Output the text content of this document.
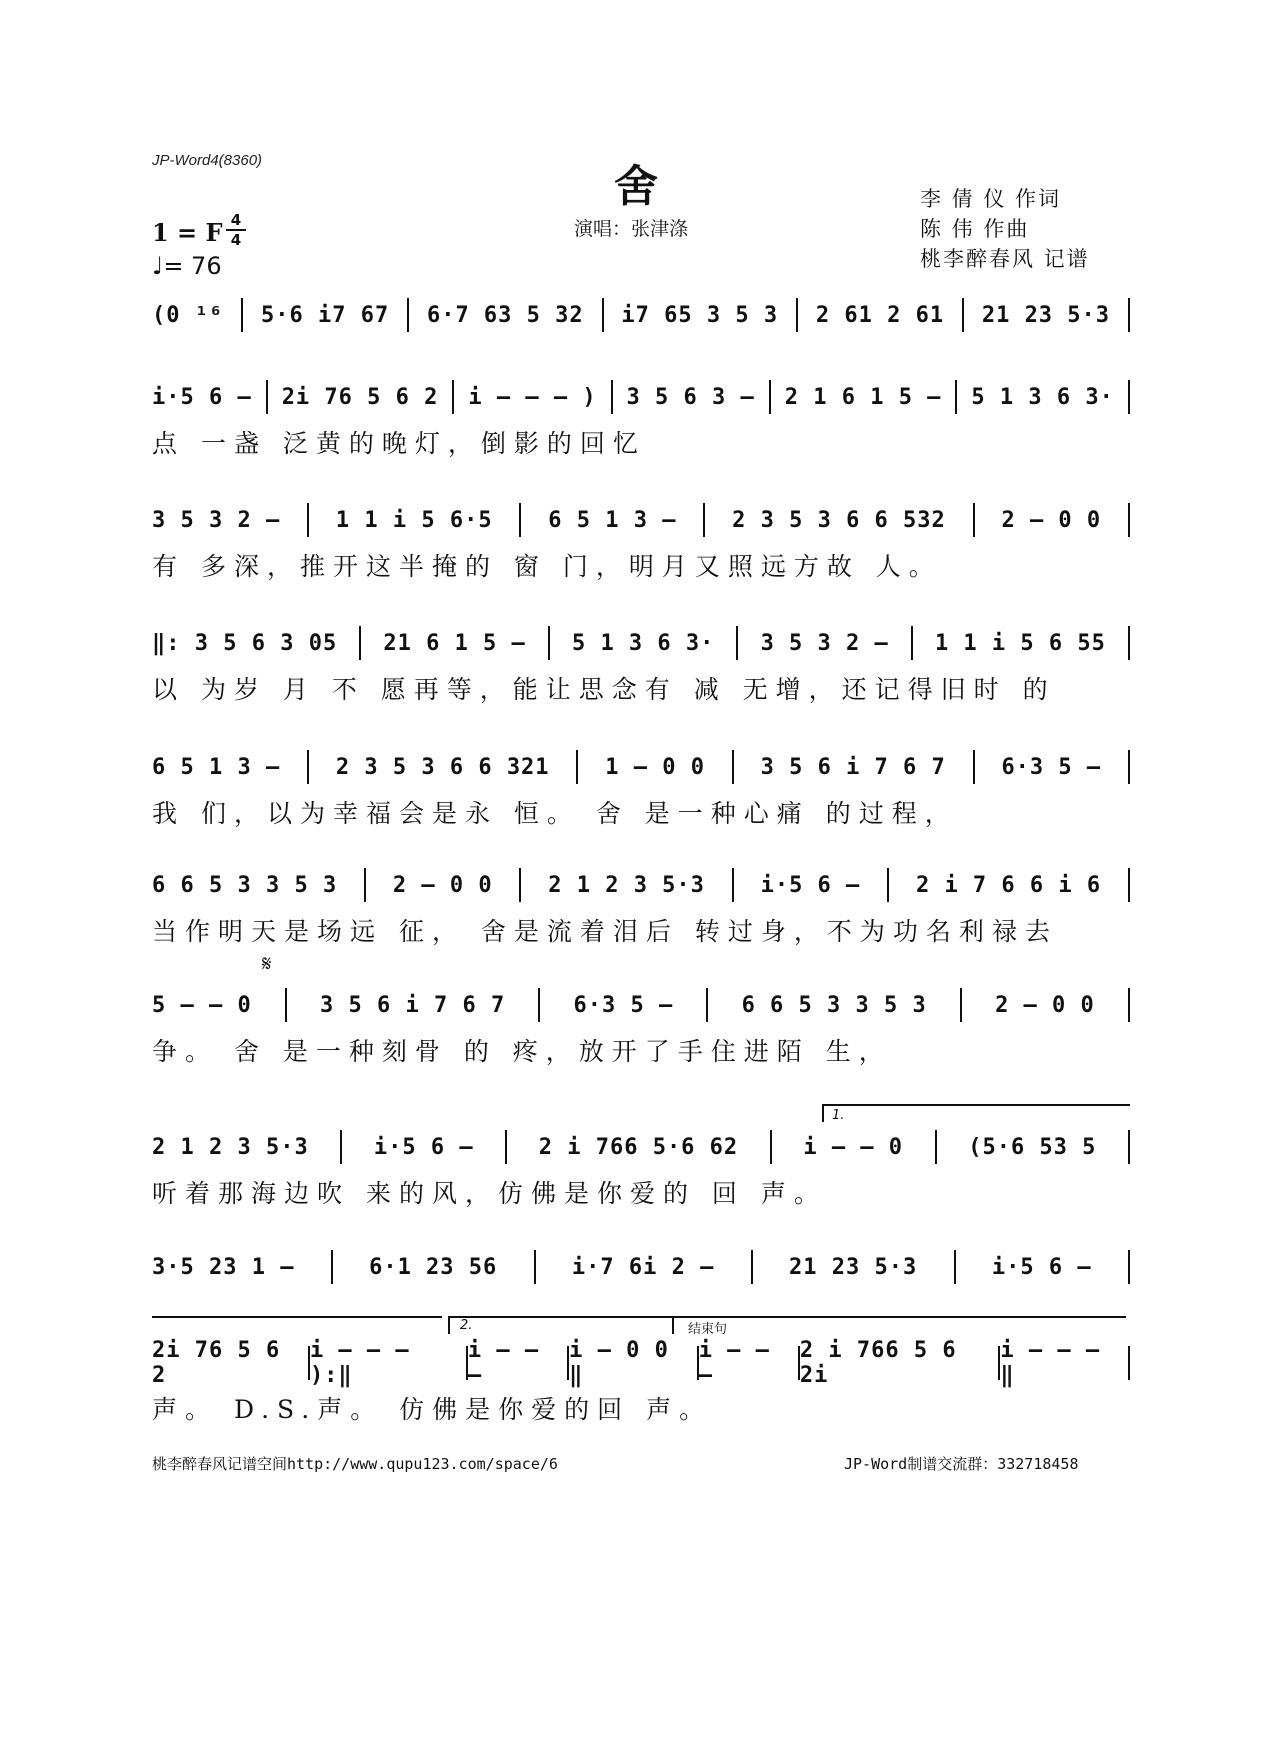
JP-Word4(8360)
舍
演唱：张津涤
李 倩 仪 作词
陈 伟 作曲
桃李醉春风 记谱
1 = F 4
4
♩= 76
(0 ¹⁶ 5·6 i7 67 6·7 63 5 32 i7 65 3 5 3 2 61 2 61 21 23 5·3
i·5 6 – 2i 76 5 6 2 i – – – ) 3 5 6 3 – 2 1 6 1 5 – 5 1 3 6 3·
点 一盏 泛黄的晚灯，倒影的回忆
3 5 3 2 –	1 1 i 5 6·5	6 5 1 3 –	2 3 5 3 6 6 532	2 – 0 0
有 多深，推开这半掩的 窗 门，明月又照远方故 人。
‖: 3 5 6 3 05 21 6 1 5 – 5 1 3 6 3· 3 5 3 2 – 1 1 i 5 6 55
以 为岁 月 不 愿再等，能让思念有 减 无增，还记得旧时 的
6 5 1 3 –	2 3 5 3 6 6 321	1 – 0 0	3 5 6 i 7 6 7	6·3 5 –
我 们，以为幸福会是永 恒。 舍 是一种心痛 的过程，
6 6 5 3 3 5 3	2 – 0 0	2 1 2 3 5·3	i·5 6 –	2 i 7 6 6 i 6
当作明天是场远 征， 舍是流着泪后 转过身，不为功名利禄去
5 – – 0	3 5 6 i 7 6 7	6·3 5 –	6 6 5 3 3 5 3	2 – 0 0
争。 舍 是一种刻骨 的 疼，放开了手住进陌 生，
2 1 2 3 5·3	i·5 6 –	2 i 766 5·6 62	i – – 0	(5·6 53 5
听着那海边吹 来的风，仿佛是你爱的 回 声。
3·5 23 1 –	6·1 23 56	i·7 6i 2 –	21 23 5·3	i·5 6 –
2i 76 5 6 2
i – – – ):‖
i – – –
i – 0 0 ‖
i – – –
2 i 766 5 6 2i
i – – – ‖
声。 D.S.声。 仿佛是你爱的回 声。
1.
2.	结束句
𝄋
桃李醉春风记谱空间http://www.qupu123.com/space/6	JP-Word制谱交流群：332718458
